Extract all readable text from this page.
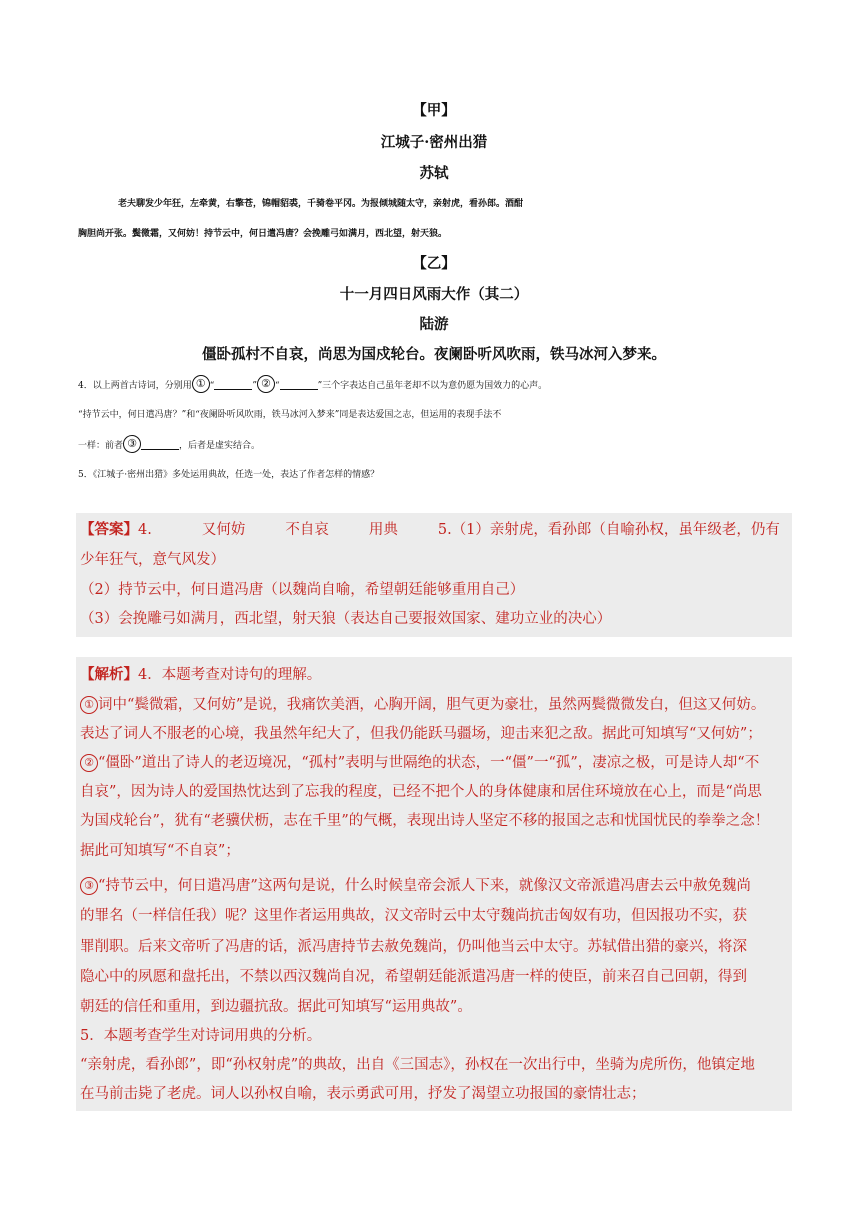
【甲】
江城子·密州出猎
苏轼
老夫聊发少年狂，左牵黄，右擎苍，锦帽貂裘，千骑卷平冈。为报倾城随太守，亲射虎，看孙郎。酒酣
胸胆尚开张。鬓微霜，又何妨！持节云中，何日遣冯唐？会挽雕弓如满月，西北望，射天狼。
【乙】
十一月四日风雨大作（其二）
陆游
僵卧孤村不自哀，尚思为国戍轮台。夜阑卧听风吹雨，铁马冰河入梦来。
4．以上两首古诗词，分别用 ① “	” ② “	”三个字表达自己虽年老却不以为意仍愿为国效力的心声。
“持节云中，何日遣冯唐？”和“夜阑卧听风吹雨，铁马冰河入梦来”同是表达爱国之志，但运用的表现手法不
一样：前者 ③	，后者是虚实结合。
5．《江城子·密州出猎》多处运用典故，任选一处，表达了作者怎样的情感？
【答案】4.	又何妨	不自哀	用典	5.（1）亲射虎，看孙郎（自喻孙权，虽年级老，仍有
少年狂气，意气风发）
（2）持节云中，何日遣冯唐（以魏尚自喻，希望朝廷能够重用自己）
（3）会挽雕弓如满月，西北望，射天狼（表达自己要报效国家、建功立业的决心）
【解析】4．本题考查对诗句的理解。
① 词中“鬓微霜，又何妨”是说，我痛饮美酒，心胸开阔，胆气更为豪壮，虽然两鬓微微发白，但这又何妨。
表达了词人不服老的心境，我虽然年纪大了，但我仍能跃马疆场，迎击来犯之敌。据此可知填写“又何妨”；
② “僵卧”道出了诗人的老迈境况，“孤村”表明与世隔绝的状态，一“僵”一“孤”，凄凉之极，可是诗人却“不
自哀”，因为诗人的爱国热忱达到了忘我的程度，已经不把个人的身体健康和居住环境放在心上，而是“尚思
为国戍轮台”，犹有“老骥伏枥，志在千里”的气概，表现出诗人坚定不移的报国之志和忧国忧民的拳拳之念！
据此可知填写“不自哀”；
③ “持节云中，何日遣冯唐”这两句是说，什么时候皇帝会派人下来，就像汉文帝派遣冯唐去云中赦免魏尚
的罪名（一样信任我）呢？这里作者运用典故，汉文帝时云中太守魏尚抗击匈奴有功，但因报功不实，获
罪削职。后来文帝听了冯唐的话，派冯唐持节去赦免魏尚，仍叫他当云中太守。苏轼借出猎的豪兴，将深
隐心中的夙愿和盘托出，不禁以西汉魏尚自况，希望朝廷能派遣冯唐一样的使臣，前来召自己回朝，得到
朝廷的信任和重用，到边疆抗敌。据此可知填写“运用典故”。
5．本题考查学生对诗词用典的分析。
“亲射虎，看孙郎”，即“孙权射虎”的典故，出自《三国志》，孙权在一次出行中，坐骑为虎所伤，他镇定地
在马前击毙了老虎。词人以孙权自喻，表示勇武可用，抒发了渴望立功报国的豪情壮志；
